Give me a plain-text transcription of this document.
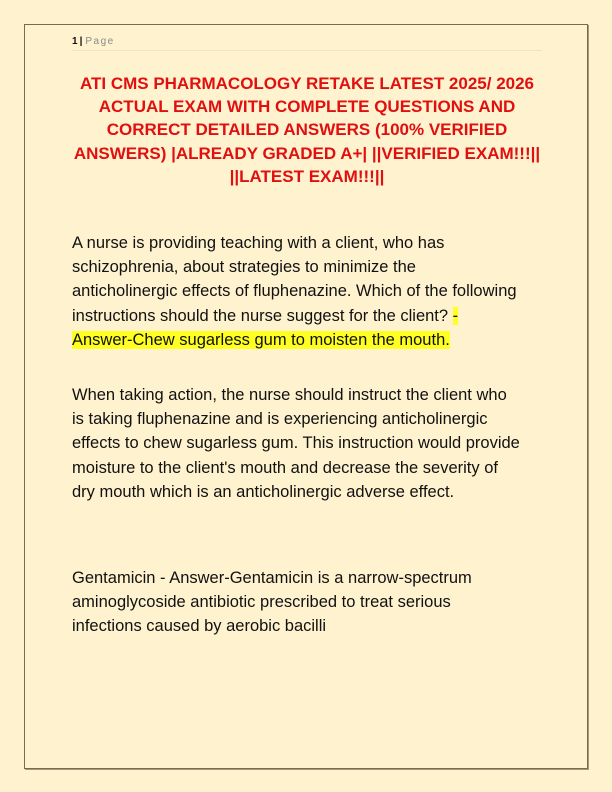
1 | Page
ATI CMS PHARMACOLOGY RETAKE LATEST 2025/ 2026 ACTUAL EXAM WITH COMPLETE QUESTIONS AND CORRECT DETAILED ANSWERS (100% VERIFIED ANSWERS) |ALREADY GRADED A+| ||VERIFIED EXAM!!!|| ||LATEST EXAM!!!||
A nurse is providing teaching with a client, who has schizophrenia, about strategies to minimize the anticholinergic effects of fluphenazine. Which of the following instructions should the nurse suggest for the client? - Answer-Chew sugarless gum to moisten the mouth.
When taking action, the nurse should instruct the client who is taking fluphenazine and is experiencing anticholinergic effects to chew sugarless gum. This instruction would provide moisture to the client's mouth and decrease the severity of dry mouth which is an anticholinergic adverse effect.
Gentamicin - Answer-Gentamicin is a narrow-spectrum aminoglycoside antibiotic prescribed to treat serious infections caused by aerobic bacilli
